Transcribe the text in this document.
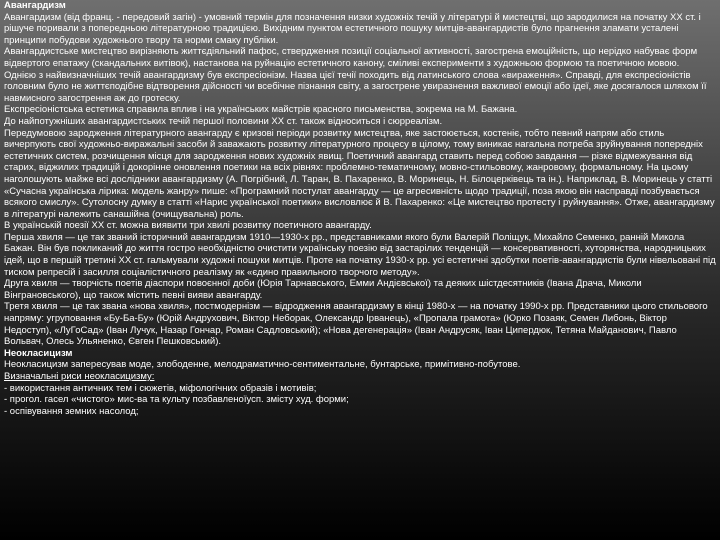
Авангардизм

Авангардизм (від франц. - передовий загін) - умовний термін для позначення низки художніх течій у літературі й мистецтві, що зародилися на початку XX ст. і рішуче поривали з попередньою літературною традицією. Вихідним пунктом естетичного пошуку митців-авангардистів було прагнення зламати усталені принципи побудови художнього твору та норми смаку публіки.

Авангардистське мистецтво вирізняють життєдіяльний пафос, ствердження позиції соціальної активності, загострена емоційність, що нерідко набуває форм відвертого епатажу (скандальних витівок), настанова на руйнацію естетичного канону, сміливі експерименти з художньою формою та поетичною мовою.

Однією з найвизначніших течій авангардизму був експресіонізм. Назва цієї течії походить від латинського слова «вираження». Справді, для експресіоністів головним було не життєподібне відтворення дійсності чи всебічне пізнання світу, а загострене увиразнення важливої емоції або ідеї, яке досягалося шляхом її навмисного загострення аж до гротеску.

Експресіоністська естетика справила вплив і на українських майстрів красного письменства, зокрема на М. Бажана.

До найпотужніших авангардистських течій першої половини XX ст. також відноситься і сюрреалізм.

Передумовою зародження літературного авангарду є кризові періоди розвитку мистецтва, яке застоюється, костеніє, тобто певний напрям або стиль вичерпують свої художньо-виражальні засоби й заважають розвитку літературного процесу в цілому, тому виникає нагальна потреба зруйнування попередніх естетичних систем, розчищення місця для зародження нових художніх явищ. Поетичний авангард ставить перед собою завдання — різке відмежування від старих, віджилих традицій і докорінне оновлення поетики на всіх рівнях: проблемно-тематичному, мовно-стильовому, жанровому, формальному. На цьому наголошують майже всі дослідники авангардизму (А. Погрібний, Л. Таран, В. Пахаренко, В. Моринець, Н. Білоцерківець та ін.). Наприклад, В. Моринець у статті «Сучасна українська лірика: модель жанру» пише: «Програмний постулат авангарду — це агресивність щодо традиції, поза якою він насправді позбувається всякого смислу». Сутолосну думку в статті «Нарис української поетики» висловлює й В. Пахаренко: «Це мистецтво протесту і руйнування». Отже, авангардизму в літературі належить санашійна (очищувальна) роль.

В українській поезії XX ст. можна виявити три хвилі розвитку поетичного авангарду.

Перша хвиля — це так званий історичний авангардизм 1910—1930-х рр., представниками якого були Валерій Поліщук, Михайло Семенко, ранній Микола Бажан. Він був покликаний до життя гостро необхідністю очистити українську поезію від застарілих тенденцій — консервативності, хуторянства, народницьких ідей, що в першій третині XX ст. гальмували художні пошуки митців. Проте на початку 1930-х рр. усі естетичні здобутки поетів-авангардистів були нівельовані під тиском репресій і засилля соціалістичного реалізму як «єдино правильного творчого методу».

Друга хвиля — творчість поетів діаспори повоєнної доби (Юрія Тарнавського, Емми Андієвської) та деяких шістдесятників (Івана Драча, Миколи Вінграновського), що також містить певні вияви авангарду.

Третя хвиля — це так звана «нова хвиля», постмодернізм — відродження авангардизму в кінці 1980-х — на початку 1990-х рр. Представники цього стильового напряму: угруповання «Бу-Ба-Бу» (Юрій Андрухович, Віктор Неборак, Олександр Ірванець), «Пропала грамота» (Юрко Позаяк, Семен Либонь, Віктор Недоступ), «ЛуГоСад» (Іван Лучук, Назар Гончар, Роман Садловський); «Нова дегенерація» (Іван Андрусяк, Іван Ципердюк, Тетяна Майданович, Павло Вольвач, Олесь Ульяненко, Євген Пешковський).

Неокласицизм

Неокласицизм запересував моде, злободенне, мелодраматично-сентиментальне, бунтарське, примітивно-побутове.

Визначальні риси неокласицизму:

- використання античних тем і сюжетів, міфологічних образів і мотивів;

- прогол. гасел «чистого» мис-ва та культу позбавленоїусп. змісту худ. форми;

- оспівування земних насолод;
